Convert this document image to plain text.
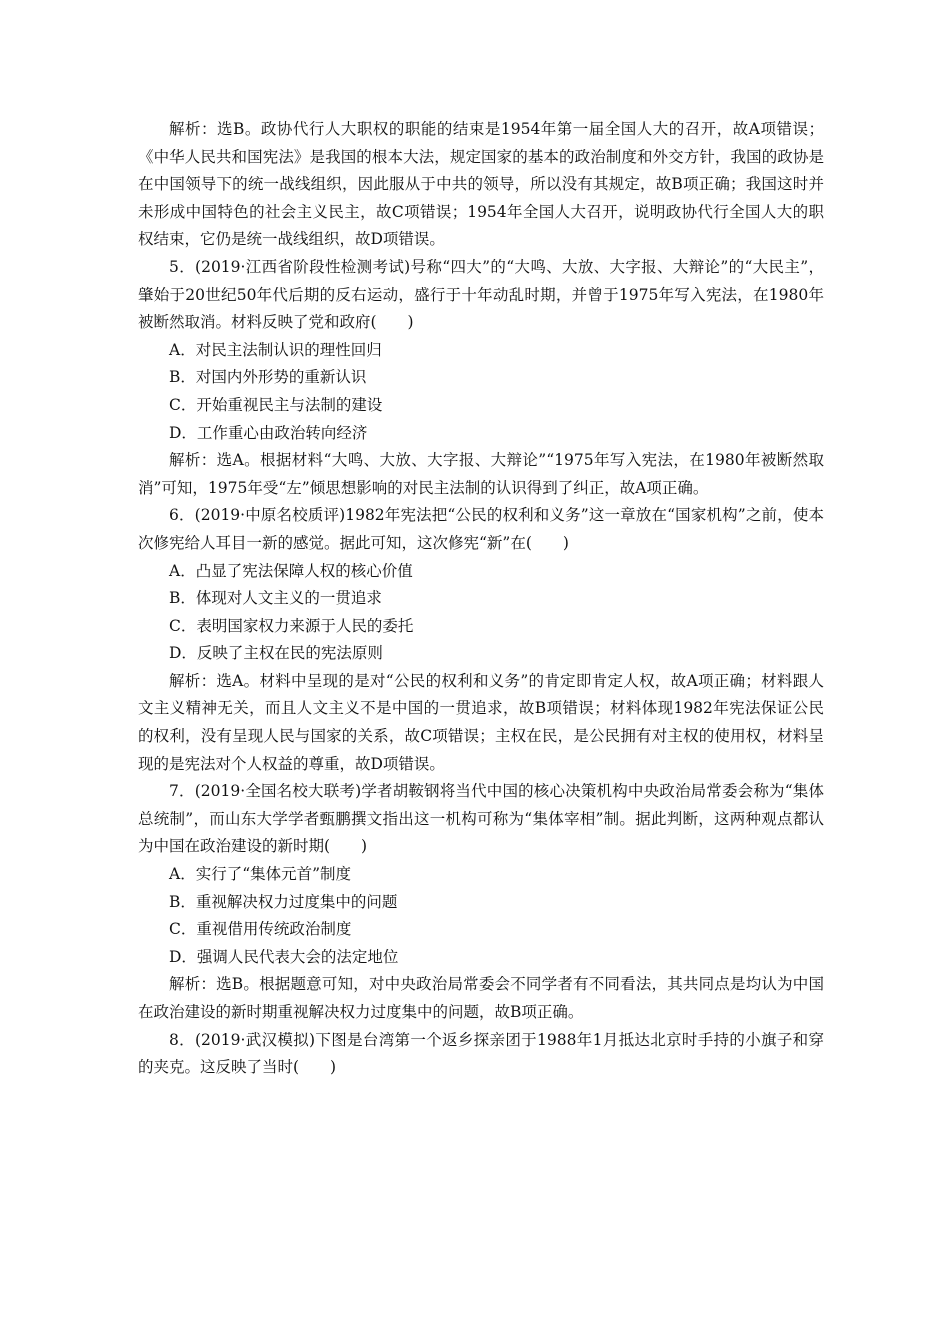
解析：选B。政协代行人大职权的职能的结束是1954年第一届全国人大的召开，故A项错误；《中华人民共和国宪法》是我国的根本大法，规定国家的基本的政治制度和外交方针，我国的政协是在中国领导下的统一战线组织，因此服从于中共的领导，所以没有其规定，故B项正确；我国这时并未形成中国特色的社会主义民主，故C项错误；1954年全国人大召开，说明政协代行全国人大的职权结束，它仍是统一战线组织，故D项错误。

5．(2019·江西省阶段性检测考试)号称“四大”的“大鸣、大放、大字报、大辩论”的“大民主”，肇始于20世纪50年代后期的反右运动，盛行于十年动乱时期，并曾于1975年写入宪法，在1980年被断然取消。材料反映了党和政府(　　)

A．对民主法制认识的理性回归

B．对国内外形势的重新认识

C．开始重视民主与法制的建设

D．工作重心由政治转向经济

解析：选A。根据材料“大鸣、大放、大字报、大辩论”“1975年写入宪法，在1980年被断然取消”可知，1975年受“左”倾思想影响的对民主法制的认识得到了纠正，故A项正确。

6．(2019·中原名校质评)1982年宪法把“公民的权利和义务”这一章放在“国家机构”之前，使本次修宪给人耳目一新的感觉。据此可知，这次修宪“新”在(　　)

A．凸显了宪法保障人权的核心价值

B．体现对人文主义的一贯追求

C．表明国家权力来源于人民的委托

D．反映了主权在民的宪法原则

解析：选A。材料中呈现的是对“公民的权利和义务”的肯定即肯定人权，故A项正确；材料跟人文主义精神无关，而且人文主义不是中国的一贯追求，故B项错误；材料体现1982年宪法保证公民的权利，没有呈现人民与国家的关系，故C项错误；主权在民，是公民拥有对主权的使用权，材料呈现的是宪法对个人权益的尊重，故D项错误。

7．(2019·全国名校大联考)学者胡鞍钢将当代中国的核心决策机构中央政治局常委会称为“集体总统制”，而山东大学学者甄鹏撰文指出这一机构可称为“集体宰相”制。据此判断，这两种观点都认为中国在政治建设的新时期(　　)

A．实行了“集体元首”制度

B．重视解决权力过度集中的问题

C．重视借用传统政治制度

D．强调人民代表大会的法定地位

解析：选B。根据题意可知，对中央政治局常委会不同学者有不同看法，其共同点是均认为中国在政治建设的新时期重视解决权力过度集中的问题，故B项正确。

8．(2019·武汉模拟)下图是台湾第一个返乡探亲团于1988年1月抵达北京时手持的小旗子和穿的夹克。这反映了当时(　　)
